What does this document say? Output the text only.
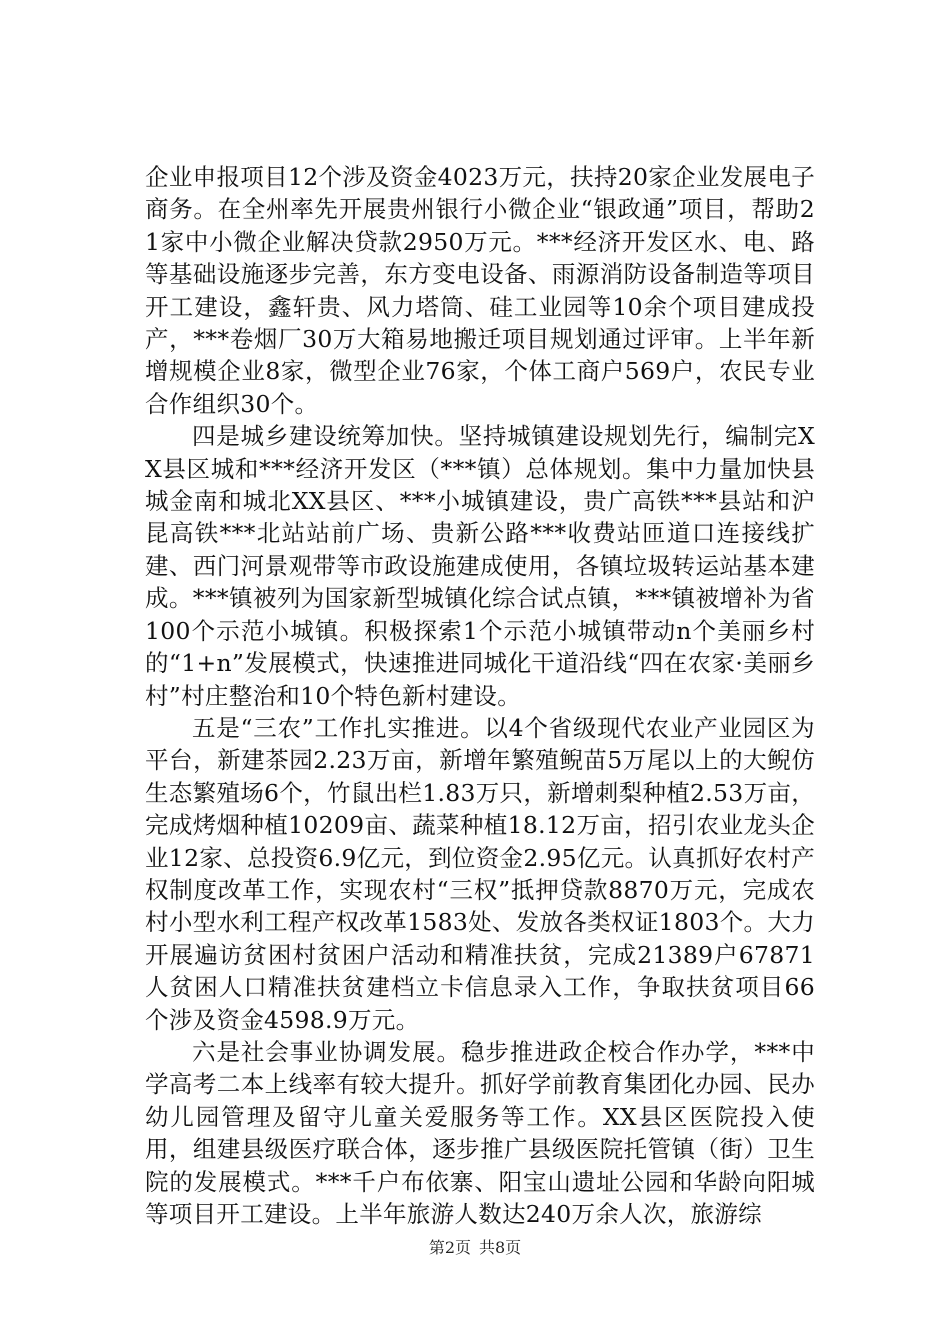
企业申报项目12个涉及资金4023万元，扶持20家企业发展电子商务。在全州率先开展贵州银行小微企业“银政通”项目，帮助21家中小微企业解决贷款2950万元。***经济开发区水、电、路等基础设施逐步完善，东方变电设备、雨源消防设备制造等项目开工建设，鑫轩贵、风力塔筒、硅工业园等10余个项目建成投产，***卷烟厂30万大箱易地搬迁项目规划通过评审。上半年新增规模企业8家，微型企业76家，个体工商户569户，农民专业合作组织30个。

四是城乡建设统筹加快。坚持城镇建设规划先行，编制完XX县区城和***经济开发区（***镇）总体规划。集中力量加快县城金南和城北XX县区、***小城镇建设，贵广高铁***县站和沪昆高铁***北站站前广场、贵新公路***收费站匝道口连接线扩建、西门河景观带等市政设施建成使用，各镇垃圾转运站基本建成。***镇被列为国家新型城镇化综合试点镇，***镇被增补为省100个示范小城镇。积极探索1个示范小城镇带动n个美丽乡村的“1+n”发展模式，快速推进同城化干道沿线“四在农家·美丽乡村”村庄整治和10个特色新村建设。

五是“三农”工作扎实推进。以4个省级现代农业产业园区为平台，新建茶园2.23万亩，新增年繁殖鲵苗5万尾以上的大鲵仿生态繁殖场6个，竹鼠出栏1.83万只，新增刺梨种植2.53万亩，完成烤烟种植10209亩、蔬菜种植18.12万亩，招引农业龙头企业12家、总投资6.9亿元，到位资金2.95亿元。认真抓好农村产权制度改革工作，实现农村“三权”抵押贷款8870万元，完成农村小型水利工程产权改革1583处、发放各类权证1803个。大力开展遍访贫困村贫困户活动和精准扶贫，完成21389户67871人贫困人口精准扶贫建档立卡信息录入工作，争取扶贫项目66个涉及资金4598.9万元。

六是社会事业协调发展。稳步推进政企校合作办学，***中学高考二本上线率有较大提升。抓好学前教育集团化办园、民办幼儿园管理及留守儿童关爱服务等工作。XX县区医院投入使用，组建县级医疗联合体，逐步推广县级医院托管镇（街）卫生院的发展模式。***千户布依寨、阳宝山遗址公园和华龄向阳城等项目开工建设。上半年旅游人数达240万余人次，旅游综

第2页 共8页
